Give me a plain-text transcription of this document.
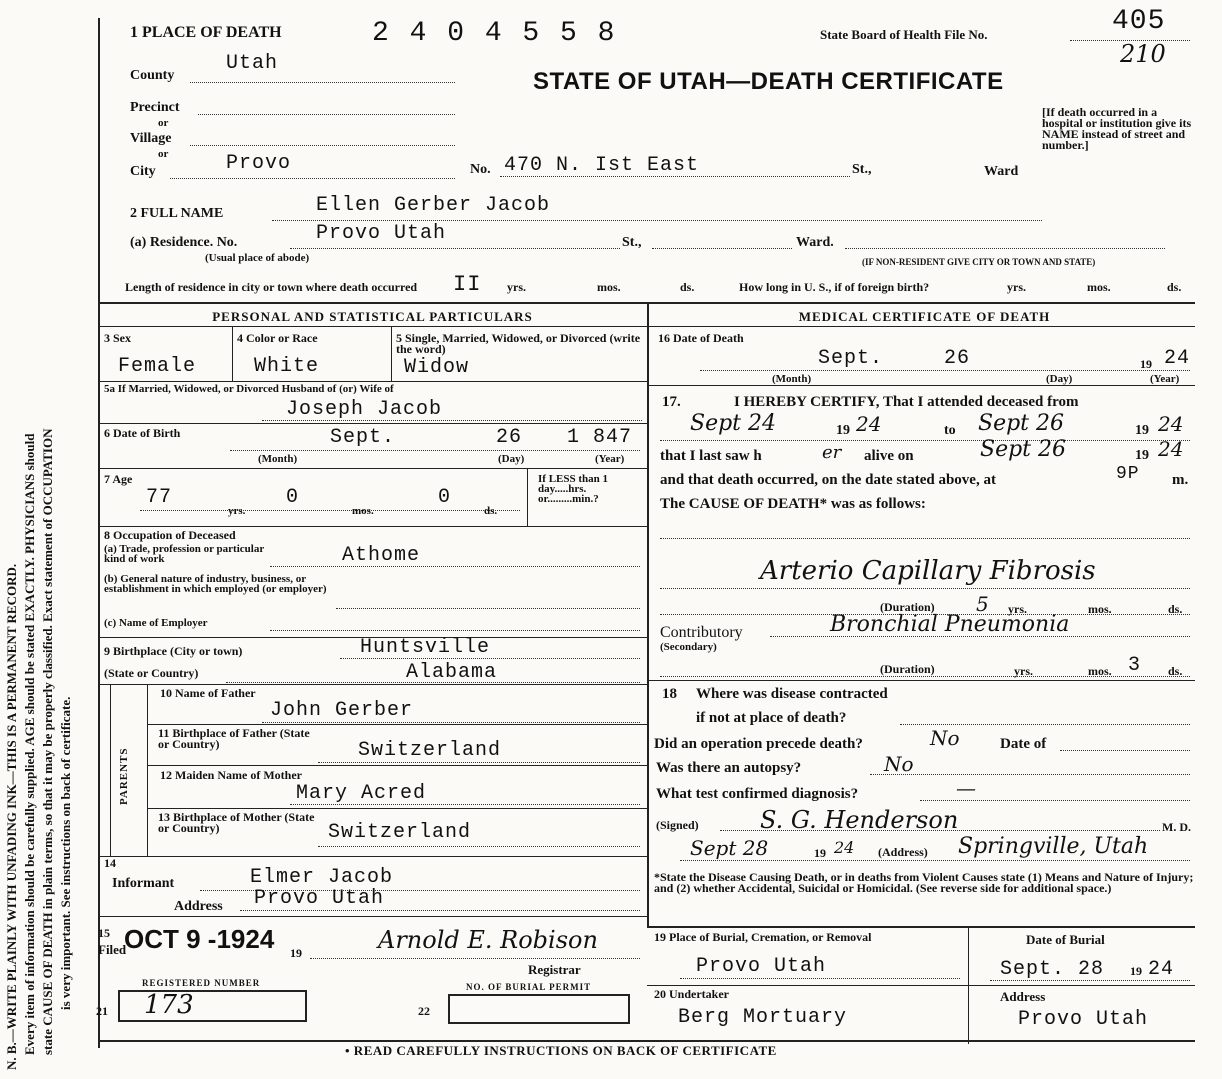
N. B.—WRITE PLAINLY WITH UNFADING INK—THIS IS A PERMANENT RECORD. Every item of information should be carefully supplied. AGE should be stated EXACTLY. PHYSICIANS should state CAUSE OF DEATH in plain terms, so that it may be properly classified. Exact statement of OCCUPATION is very important. See instructions on back of certificate.
1 PLACE OF DEATH	2 4 0 4 5 5 8	State Board of Health File No.	405
210
STATE OF UTAH—DEATH CERTIFICATE
[If death occurred in a hospital or institution give its NAME instead of street and number.]
County
Utah
Precinct
or
Village
or
City	Provo	No. 470 N. Ist East	St.,	Ward
2 FULL NAME	Ellen Gerber Jacob
(a) Residence. No.	Provo Utah
(Usual place of abode)
St.,	Ward.
(IF NON-RESIDENT GIVE CITY OR TOWN AND STATE)
Length of residence in city or town where death occurred II yrs.	mos.	ds.	How long in U. S., if of foreign birth?	yrs.	mos.	ds.
PERSONAL AND STATISTICAL PARTICULARS	MEDICAL CERTIFICATE OF DEATH
3 Sex
Female
4 Color or Race
White
5 Single, Married, Widowed, or Divorced (write the word)
Widow
5a If Married, Widowed, or Divorced Husband of (or) Wife of
Joseph Jacob
6 Date of Birth	Sept.	26 1 847
(Month)	(Day)	(Year)
7 Age
77	0	0
yrs.	mos.	ds.
If LESS than 1 day.....hrs. or.........min.?
8 Occupation of Deceased
(a) Trade, profession or particular kind of work	Athome
(b) General nature of industry, business, or establishment in which employed (or employer)
(c) Name of Employer
9 Birthplace (City or town)	Huntsville
(State or Country)	Alabama
PARENTS
10 Name of Father
John Gerber
11 Birthplace of Father (State or Country)	Switzerland
12 Maiden Name of Mother
Mary Acred
13 Birthplace of Mother (State or Country)	Switzerland
14
Informant	Elmer Jacob
Address Provo Utah
15
Filed
OCT 9 -1924 19	Arnold E. Robison
Registrar
REGISTERED NUMBER
21 173
NO. OF BURIAL PERMIT
22
16 Date of Death
Sept.	26	19 24
(Month)	(Day)	(Year)
17.	I HEREBY CERTIFY, That I attended deceased from
Sept 24	19 24	to Sept 26	19 24
that I last saw h	er alive on	Sept 26	19 24
and that death occurred, on the date stated above, at	9P m.
The CAUSE OF DEATH* was as follows:
Arterio Capillary Fibrosis
(Duration) 5 yrs.	mos.	ds.
Contributory
(Secondary)
Bronchial Pneumonia
(Duration)	yrs.	mos. 3 ds.
18 Where was disease contracted
if not at place of death?
Did an operation precede death?	No	Date of
Was there an autopsy?	No
What test confirmed diagnosis?	—
(Signed)	S. G. Henderson	M. D.
Sept 28	19 24 (Address) Springville, Utah
*State the Disease Causing Death, or in deaths from Violent Causes state (1) Means and Nature of Injury; and (2) whether Accidental, Suicidal or Homicidal. (See reverse side for additional space.)
19 Place of Burial, Cremation, or Removal
Provo Utah
Date of Burial
Sept. 28 19 24
20 Undertaker
Berg Mortuary
Address
Provo Utah
• READ CAREFULLY INSTRUCTIONS ON BACK OF CERTIFICATE
